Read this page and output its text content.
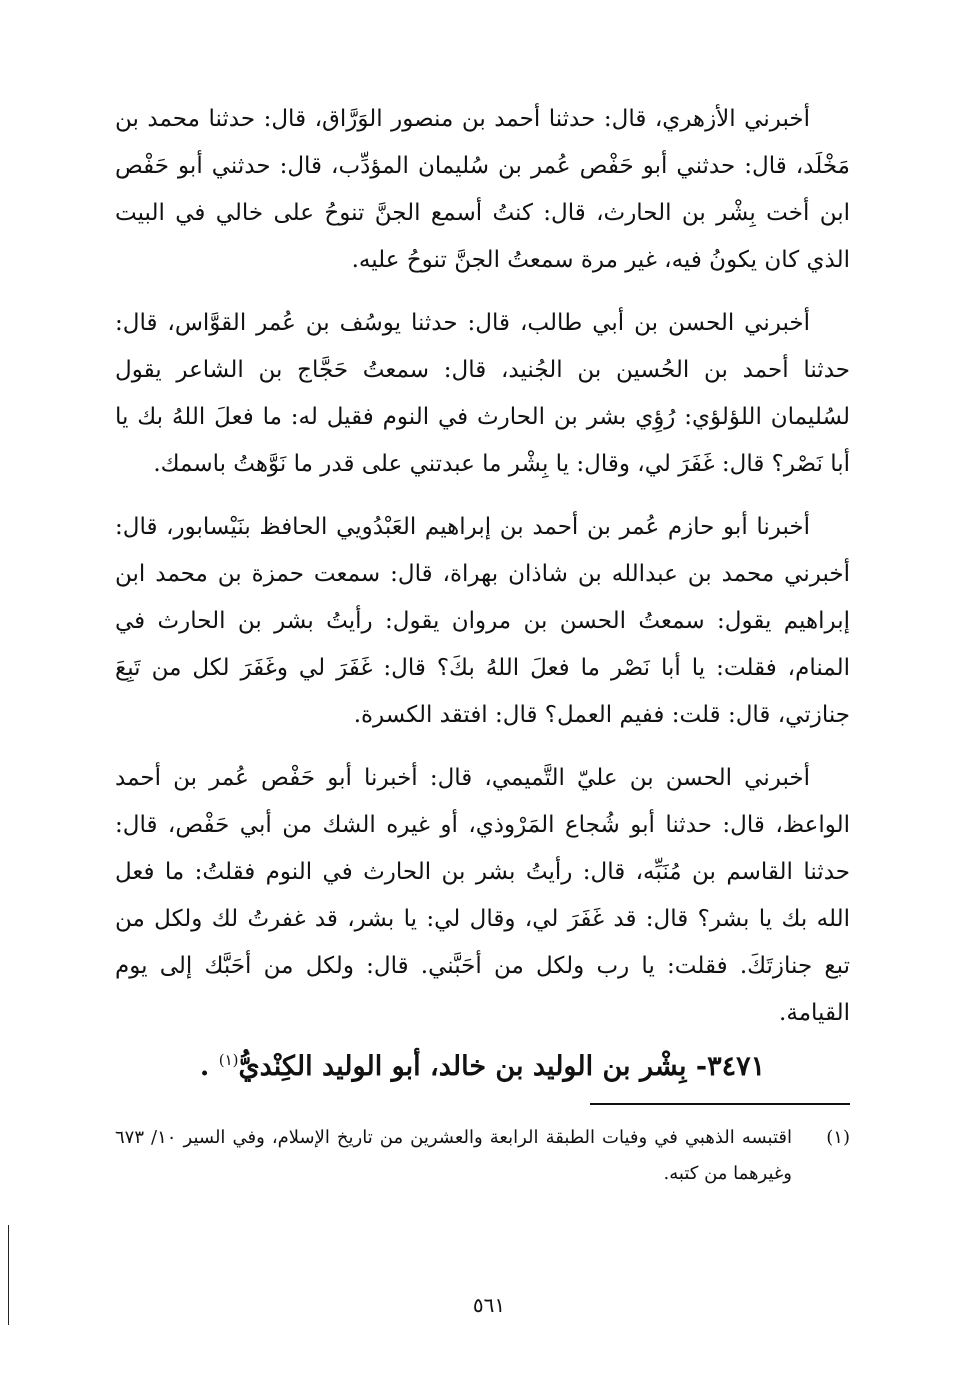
أخبرني الأزهري، قال: حدثنا أحمد بن منصور الوَرَّاق، قال: حدثنا محمد بن مَخْلَد، قال: حدثني أبو حَفْص عُمر بن سُليمان المؤدِّب، قال: حدثني أبو حَفْص ابن أخت بِشْر بن الحارث، قال: كنتُ أسمع الجنَّ تنوحُ على خالي في البيت الذي كان يكونُ فيه، غير مرة سمعتُ الجنَّ تنوحُ عليه.

أخبرني الحسن بن أبي طالب، قال: حدثنا يوسُف بن عُمر القوَّاس، قال: حدثنا أحمد بن الحُسين بن الجُنيد، قال: سمعتُ حَجَّاج بن الشاعر يقول لسُليمان اللؤلؤي: رُؤِي بشر بن الحارث في النوم فقيل له: ما فعلَ اللهُ بك يا أبا نَصْر؟ قال: غَفَرَ لي، وقال: يا بِشْر ما عبدتني على قدر ما نَوَّهتُ باسمك.

أخبرنا أبو حازم عُمر بن أحمد بن إبراهيم العَبْدُويي الحافظ بنَيْسابور، قال: أخبرني محمد بن عبدالله بن شاذان بهراة، قال: سمعت حمزة بن محمد ابن إبراهيم يقول: سمعتُ الحسن بن مروان يقول: رأيتُ بشر بن الحارث في المنام، فقلت: يا أبا نَصْر ما فعلَ اللهُ بكَ؟ قال: غَفَرَ لي وغَفَرَ لكل من تَبِعَ جنازتي، قال: قلت: ففيم العمل؟ قال: افتقد الكسرة.

أخبرني الحسن بن عليّ التَّميمي، قال: أخبرنا أبو حَفْص عُمر بن أحمد الواعظ، قال: حدثنا أبو شُجاع المَرْوذي، أو غيره الشك من أبي حَفْص، قال: حدثنا القاسم بن مُنَبِّه، قال: رأيتُ بشر بن الحارث في النوم فقلتُ: ما فعل الله بك يا بشر؟ قال: قد غَفَرَ لي، وقال لي: يا بشر، قد غفرتُ لك ولكل من تبع جنازتَكَ. فقلت: يا رب ولكل من أحَبَّني. قال: ولكل من أحَبَّك إلى يوم القيامة.

٣٤٧١- بِشْر بن الوليد بن خالد، أبو الوليد الكِنْديُّ$^{(١)}$ .
(١)
اقتبسه الذهبي في وفيات الطبقة الرابعة والعشرين من تاريخ الإسلام، وفي السير ١٠/ ٦٧٣ وغيرهما من كتبه.
٥٦١
